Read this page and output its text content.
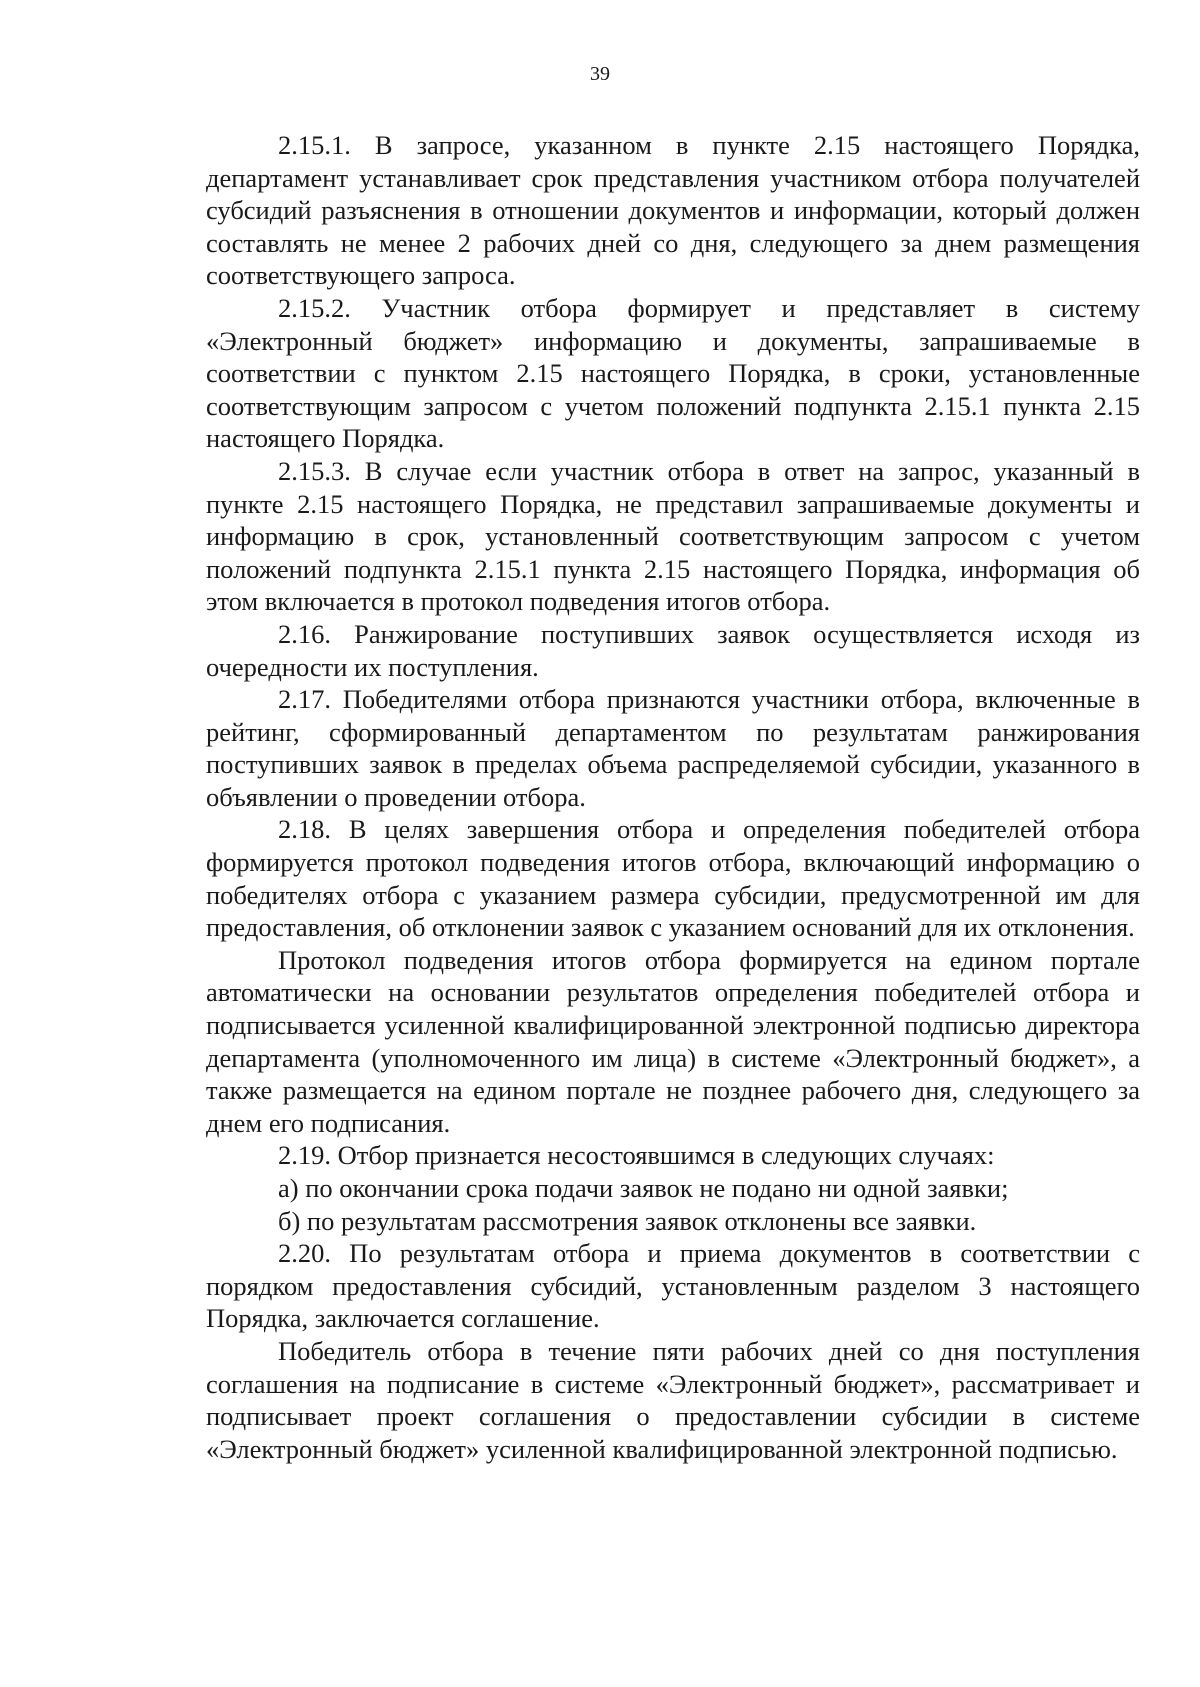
39

2.15.1. В запросе, указанном в пункте 2.15 настоящего Порядка, департамент устанавливает срок представления участником отбора получателей субсидий разъяснения в отношении документов и информации, который должен составлять не менее 2 рабочих дней со дня, следующего за днем размещения соответствующего запроса.

2.15.2. Участник отбора формирует и представляет в систему «Электронный бюджет» информацию и документы, запрашиваемые в соответствии с пунктом 2.15 настоящего Порядка, в сроки, установленные соответствующим запросом с учетом положений подпункта 2.15.1 пункта 2.15 настоящего Порядка.

2.15.3. В случае если участник отбора в ответ на запрос, указанный в пункте 2.15 настоящего Порядка, не представил запрашиваемые документы и информацию в срок, установленный соответствующим запросом с учетом положений подпункта 2.15.1 пункта 2.15 настоящего Порядка, информация об этом включается в протокол подведения итогов отбора.

2.16. Ранжирование поступивших заявок осуществляется исходя из очередности их поступления.

2.17. Победителями отбора признаются участники отбора, включенные в рейтинг, сформированный департаментом по результатам ранжирования поступивших заявок в пределах объема распределяемой субсидии, указанного в объявлении о проведении отбора.

2.18. В целях завершения отбора и определения победителей отбора формируется протокол подведения итогов отбора, включающий информацию о победителях отбора с указанием размера субсидии, предусмотренной им для предоставления, об отклонении заявок с указанием оснований для их отклонения.

Протокол подведения итогов отбора формируется на едином портале автоматически на основании результатов определения победителей отбора и подписывается усиленной квалифицированной электронной подписью директора департамента (уполномоченного им лица) в системе «Электронный бюджет», а также размещается на едином портале не позднее рабочего дня, следующего за днем его подписания.

2.19. Отбор признается несостоявшимся в следующих случаях:

а) по окончании срока подачи заявок не подано ни одной заявки;

б) по результатам рассмотрения заявок отклонены все заявки.

2.20. По результатам отбора и приема документов в соответствии с порядком предоставления субсидий, установленным разделом 3 настоящего Порядка, заключается соглашение.

Победитель отбора в течение пяти рабочих дней со дня поступления соглашения на подписание в системе «Электронный бюджет», рассматривает и подписывает проект соглашения о предоставлении субсидии в системе «Электронный бюджет» усиленной квалифицированной электронной подписью.
